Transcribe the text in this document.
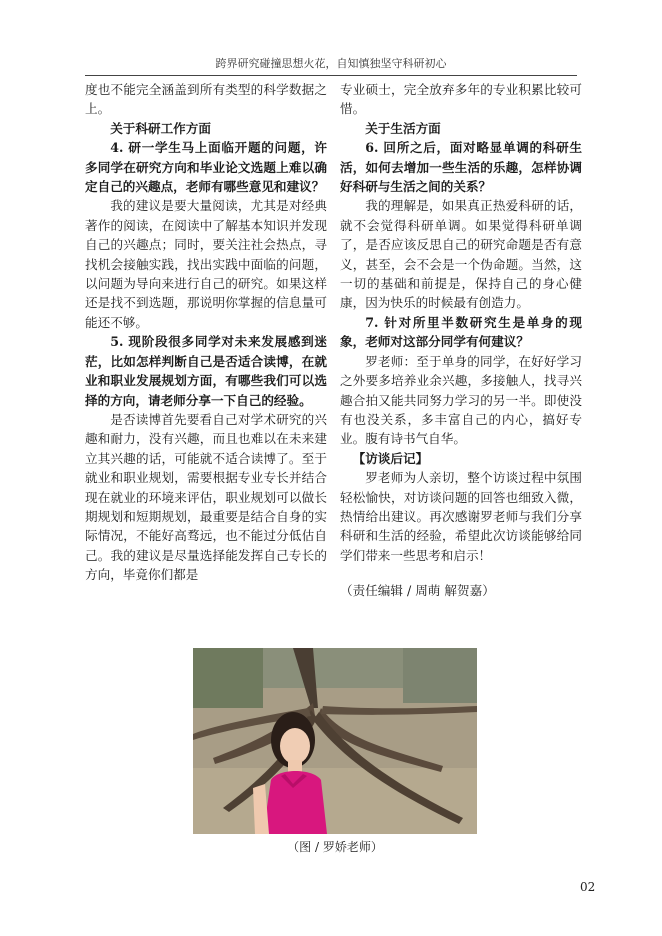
跨界研究碰撞思想火花，自知慎独坚守科研初心

度也不能完全涵盖到所有类型的科学数据之上。

关于科研工作方面

4. 研一学生马上面临开题的问题，许多同学在研究方向和毕业论文选题上难以确定自己的兴趣点，老师有哪些意见和建议？

我的建议是要大量阅读，尤其是对经典著作的阅读，在阅读中了解基本知识并发现自己的兴趣点；同时，要关注社会热点，寻找机会接触实践，找出实践中面临的问题，以问题为导向来进行自己的研究。如果这样还是找不到选题，那说明你掌握的信息量可能还不够。

5. 现阶段很多同学对未来发展感到迷茫，比如怎样判断自己是否适合读博，在就业和职业发展规划方面，有哪些我们可以选择的方向，请老师分享一下自己的经验。

是否读博首先要看自己对学术研究的兴趣和耐力，没有兴趣，而且也难以在未来建立其兴趣的话，可能就不适合读博了。至于就业和职业规划，需要根据专业专长并结合现在就业的环境来评估，职业规划可以做长期规划和短期规划，最重要是结合自身的实际情况，不能好高骛远，也不能过分低估自己。我的建议是尽量选择能发挥自己专长的方向，毕竟你们都是

专业硕士，完全放弃多年的专业积累比较可惜。

关于生活方面

6. 回所之后，面对略显单调的科研生活，如何去增加一些生活的乐趣，怎样协调好科研与生活之间的关系？

我的理解是，如果真正热爱科研的话，就不会觉得科研单调。如果觉得科研单调了，是否应该反思自己的研究命题是否有意义，甚至，会不会是一个伪命题。当然，这一切的基础和前提是，保持自己的身心健康，因为快乐的时候最有创造力。

7. 针对所里半数研究生是单身的现象，老师对这部分同学有何建议？

罗老师：至于单身的同学，在好好学习之外要多培养业余兴趣，多接触人，找寻兴趣合拍又能共同努力学习的另一半。即使没有也没关系，多丰富自己的内心，搞好专业。腹有诗书气自华。

【访谈后记】

罗老师为人亲切，整个访谈过程中氛围轻松愉快，对访谈问题的回答也细致入微，热情给出建议。再次感谢罗老师与我们分享科研和生活的经验，希望此次访谈能够给同学们带来一些思考和启示！

（责任编辑 / 周萌 解贺嘉）

（图 / 罗娇老师）
02
